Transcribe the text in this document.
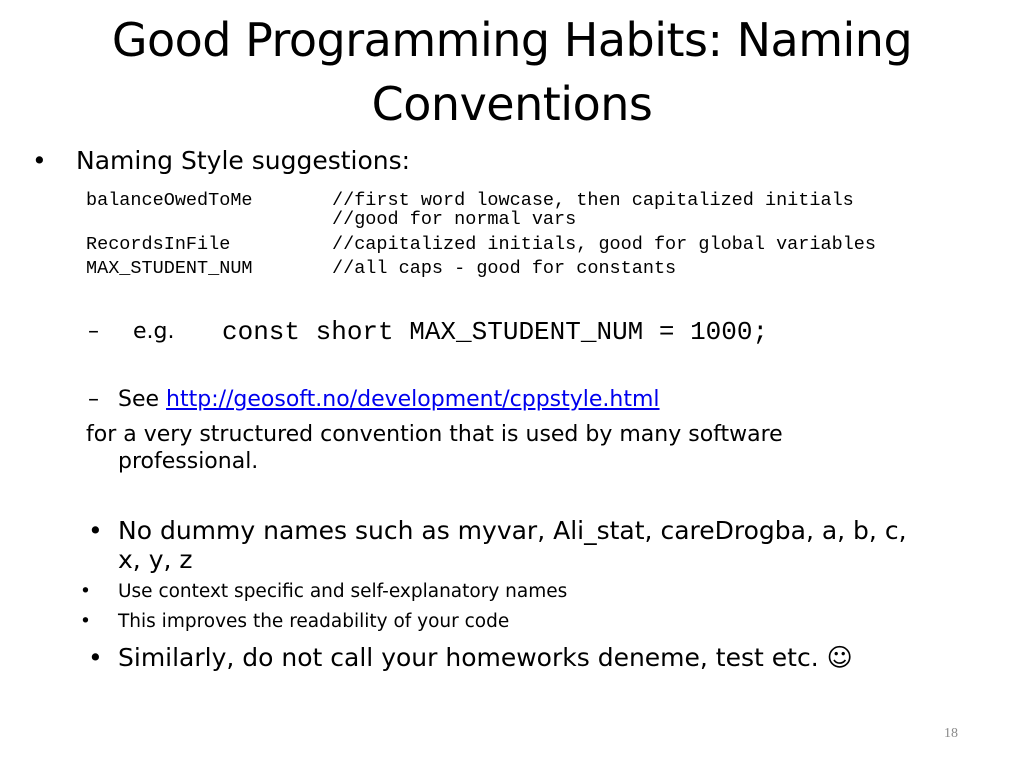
Good Programming Habits: Naming
Conventions
• Naming Style suggestions:
balanceOwedToMe	//first word lowcase, then capitalized initials
//good for normal vars
RecordsInFile	//capitalized initials, good for global variables
MAX_STUDENT_NUM	//all caps - good for constants
– e.g. const short MAX_STUDENT_NUM = 1000;
– See http://geosoft.no/development/cppstyle.html
for a very structured convention that is used by many software
professional.
• No dummy names such as myvar, Ali_stat, careDrogba, a, b, c,
x, y, z
• Use context specific and self-explanatory names
• This improves the readability of your code
• Similarly, do not call your homeworks deneme, test etc. ☺
18
